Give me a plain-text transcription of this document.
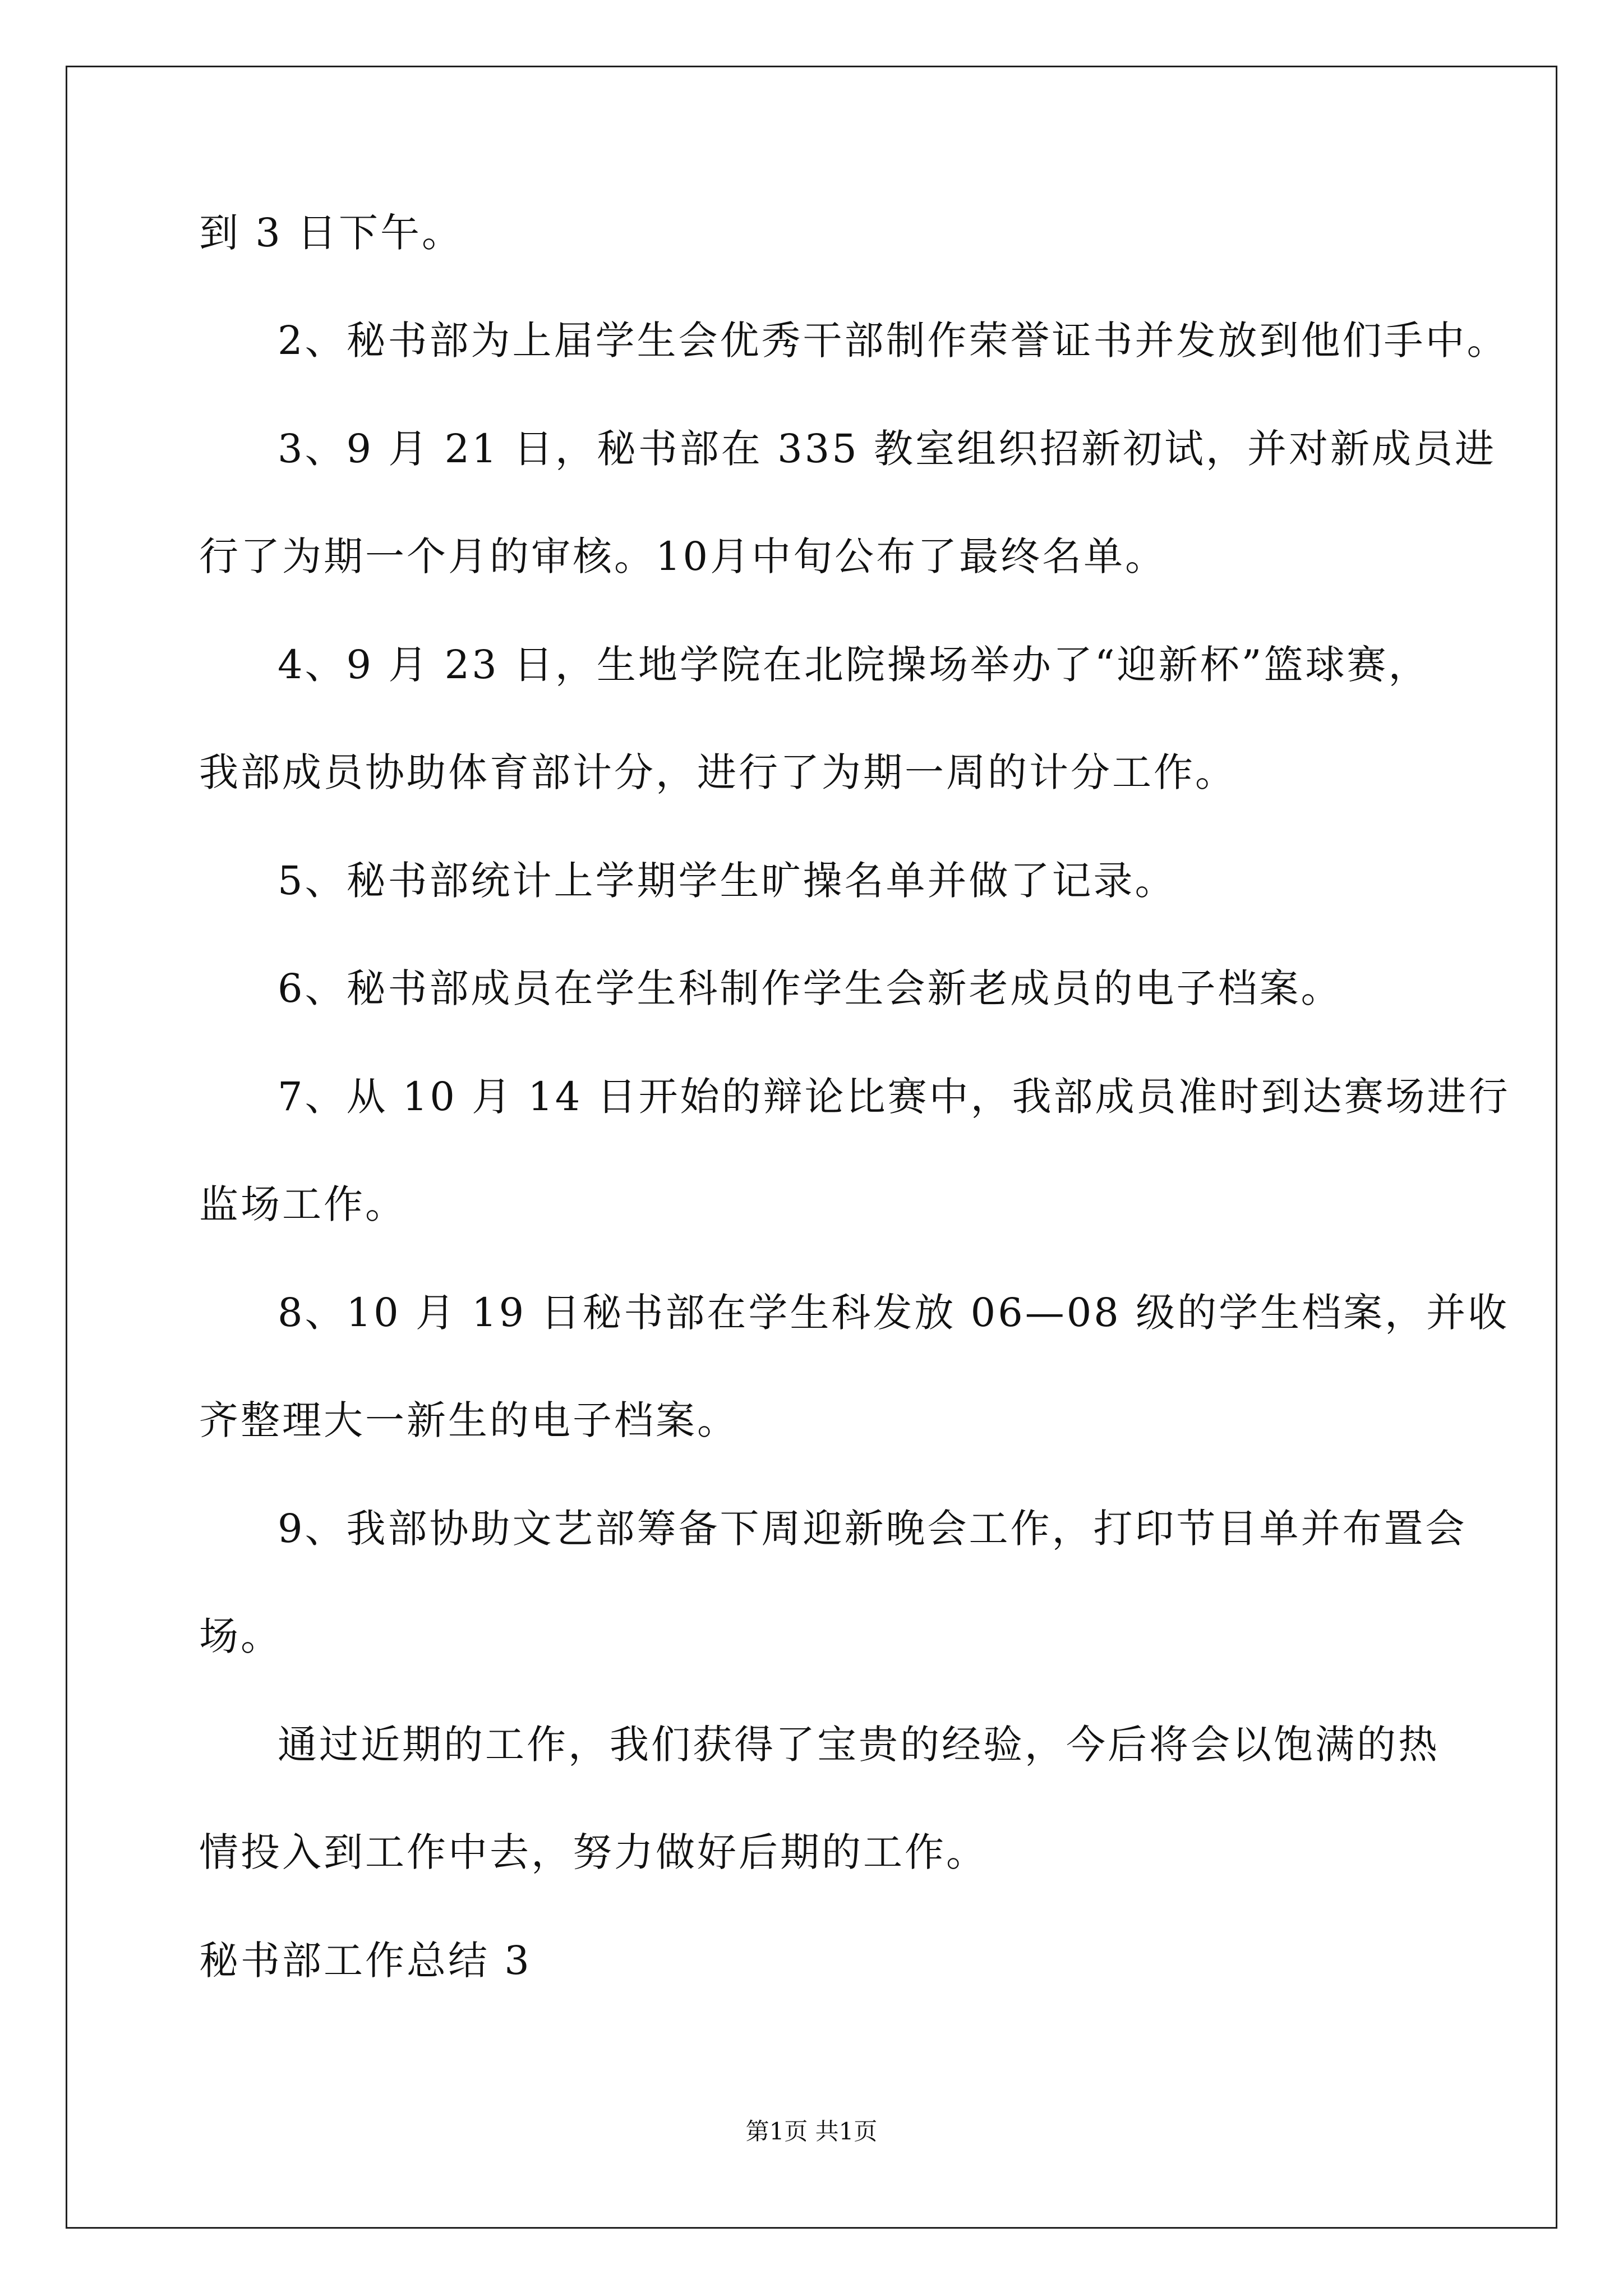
到 3 日下午。
2、秘书部为上届学生会优秀干部制作荣誉证书并发放到他们手中。
3、9 月 21 日，秘书部在 335 教室组织招新初试，并对新成员进
行了为期一个月的审核。10月中旬公布了最终名单。
4、9 月 23 日，生地学院在北院操场举办了“迎新杯”篮球赛，
我部成员协助体育部计分，进行了为期一周的计分工作。
5、秘书部统计上学期学生旷操名单并做了记录。
6、秘书部成员在学生科制作学生会新老成员的电子档案。
7、从 10 月 14 日开始的辩论比赛中，我部成员准时到达赛场进行
监场工作。
8、10 月 19 日秘书部在学生科发放 06—08 级的学生档案，并收
齐整理大一新生的电子档案。
9、我部协助文艺部筹备下周迎新晚会工作，打印节目单并布置会
场。
通过近期的工作，我们获得了宝贵的经验，今后将会以饱满的热
情投入到工作中去，努力做好后期的工作。
秘书部工作总结 3
第1页 共1页
